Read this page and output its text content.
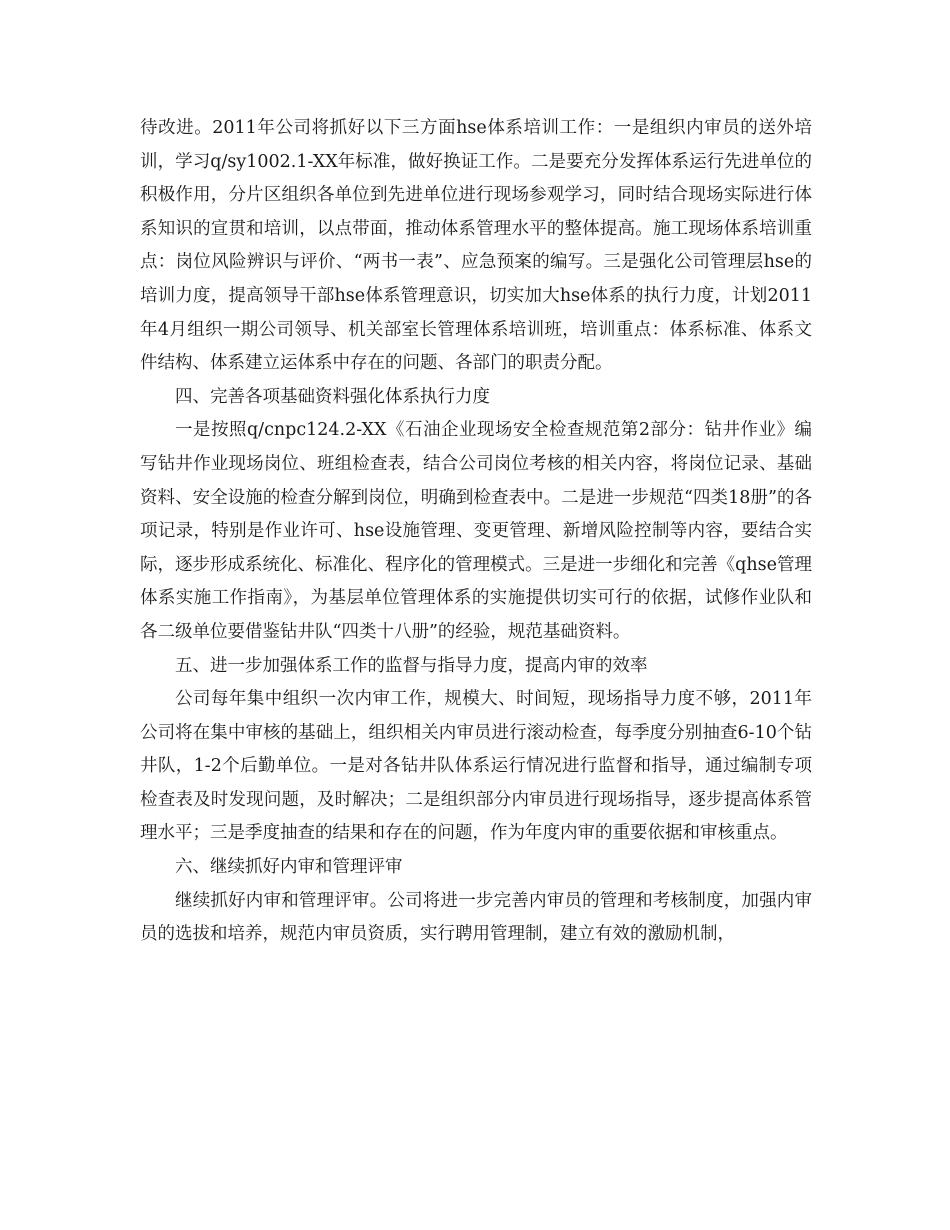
待改进。2011年公司将抓好以下三方面hse体系培训工作：一是组织内审员的送外培训，学习q/sy1002.1-XX年标准，做好换证工作。二是要充分发挥体系运行先进单位的积极作用，分片区组织各单位到先进单位进行现场参观学习，同时结合现场实际进行体系知识的宣贯和培训，以点带面，推动体系管理水平的整体提高。施工现场体系培训重点：岗位风险辨识与评价、“两书一表”、应急预案的编写。三是强化公司管理层hse的培训力度，提高领导干部hse体系管理意识，切实加大hse体系的执行力度，计划2011年4月组织一期公司领导、机关部室长管理体系培训班，培训重点：体系标准、体系文件结构、体系建立运体系中存在的问题、各部门的职责分配。

四、完善各项基础资料强化体系执行力度

一是按照q/cnpc124.2-XX《石油企业现场安全检查规范第2部分：钻井作业》编写钻井作业现场岗位、班组检查表，结合公司岗位考核的相关内容，将岗位记录、基础资料、安全设施的检查分解到岗位，明确到检查表中。二是进一步规范“四类18册”的各项记录，特别是作业许可、hse设施管理、变更管理、新增风险控制等内容，要结合实际，逐步形成系统化、标准化、程序化的管理模式。三是进一步细化和完善《qhse管理体系实施工作指南》，为基层单位管理体系的实施提供切实可行的依据，试修作业队和各二级单位要借鉴钻井队“四类十八册”的经验，规范基础资料。

五、进一步加强体系工作的监督与指导力度，提高内审的效率

公司每年集中组织一次内审工作，规模大、时间短，现场指导力度不够，2011年公司将在集中审核的基础上，组织相关内审员进行滚动检查，每季度分别抽查6-10个钻井队，1-2个后勤单位。一是对各钻井队体系运行情况进行监督和指导，通过编制专项检查表及时发现问题，及时解决；二是组织部分内审员进行现场指导，逐步提高体系管理水平；三是季度抽查的结果和存在的问题，作为年度内审的重要依据和审核重点。

六、继续抓好内审和管理评审

继续抓好内审和管理评审。公司将进一步完善内审员的管理和考核制度，加强内审员的选拔和培养，规范内审员资质，实行聘用管理制，建立有效的激励机制，
